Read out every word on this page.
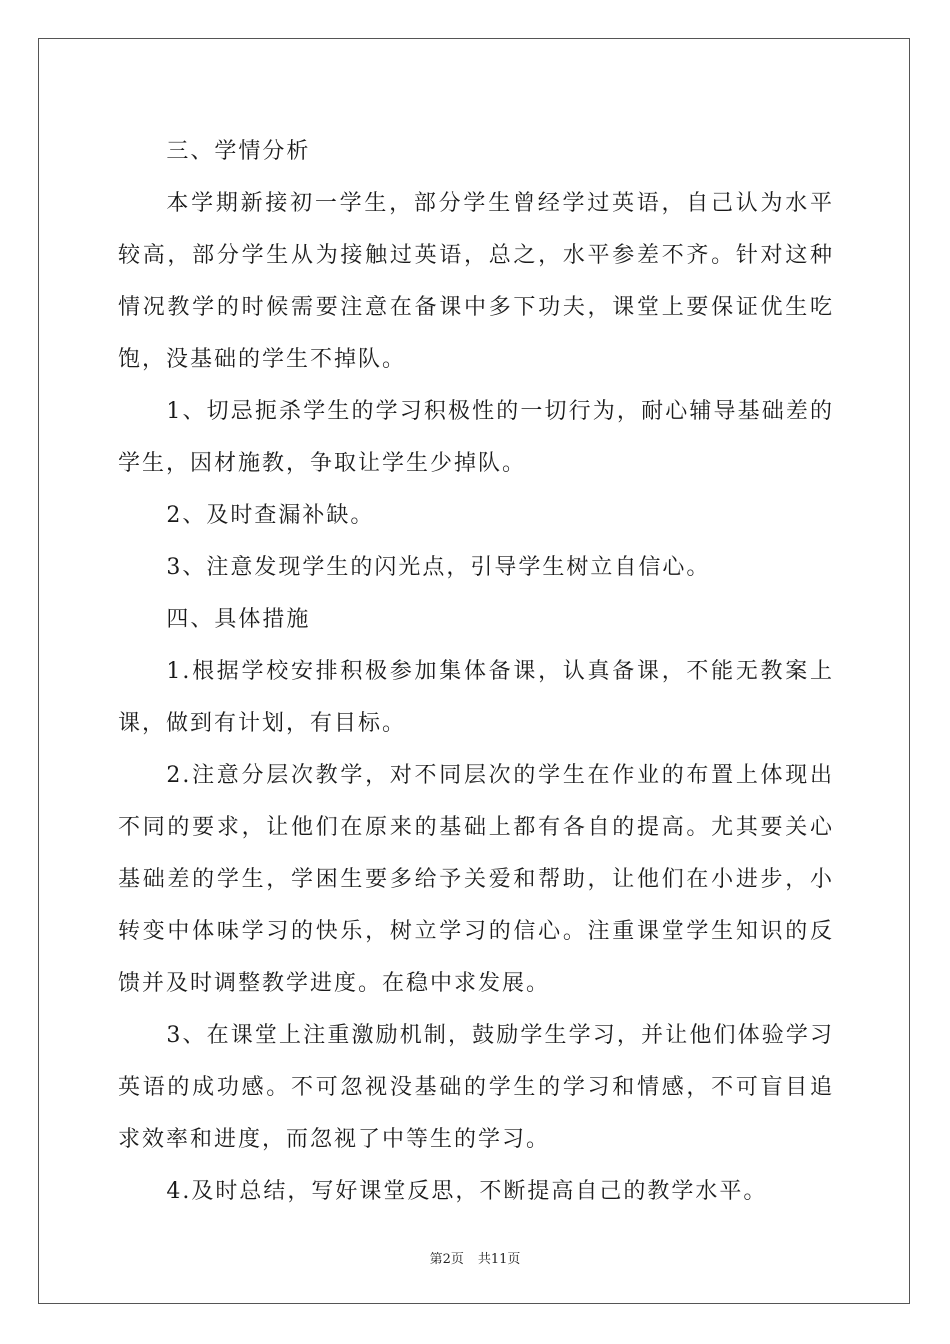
三、学情分析

本学期新接初一学生，部分学生曾经学过英语，自己认为水平较高，部分学生从为接触过英语，总之，水平参差不齐。针对这种情况教学的时候需要注意在备课中多下功夫，课堂上要保证优生吃饱，没基础的学生不掉队。

1、切忌扼杀学生的学习积极性的一切行为，耐心辅导基础差的学生，因材施教，争取让学生少掉队。

2、及时查漏补缺。

3、注意发现学生的闪光点，引导学生树立自信心。

四、具体措施

1.根据学校安排积极参加集体备课，认真备课，不能无教案上课，做到有计划，有目标。

2.注意分层次教学，对不同层次的学生在作业的布置上体现出不同的要求，让他们在原来的基础上都有各自的提高。尤其要关心基础差的学生，学困生要多给予关爱和帮助，让他们在小进步，小转变中体味学习的快乐，树立学习的信心。注重课堂学生知识的反馈并及时调整教学进度。在稳中求发展。

3、在课堂上注重激励机制，鼓励学生学习，并让他们体验学习英语的成功感。不可忽视没基础的学生的学习和情感，不可盲目追求效率和进度，而忽视了中等生的学习。

4.及时总结，写好课堂反思，不断提高自己的教学水平。

第2页 共11页
